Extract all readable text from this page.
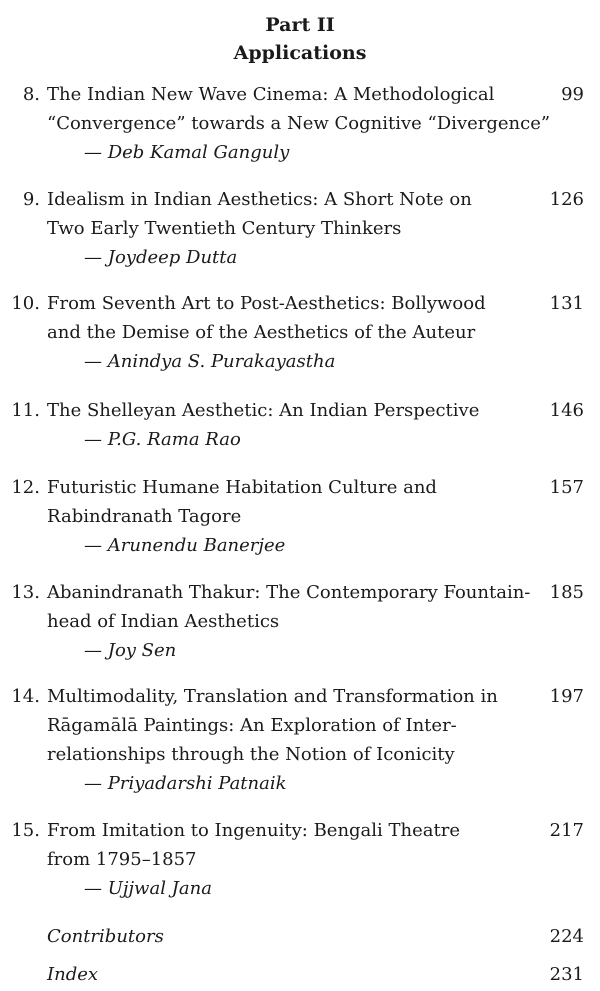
Part II
Applications
8. The Indian New Wave Cinema: A Methodological
“Convergence” towards a New Cognitive “Divergence”
— Deb Kamal Ganguly
99
9. Idealism in Indian Aesthetics: A Short Note on
Two Early Twentieth Century Thinkers
— Joydeep Dutta
126
10. From Seventh Art to Post-Aesthetics: Bollywood
and the Demise of the Aesthetics of the Auteur
— Anindya S. Purakayastha
131
11. The Shelleyan Aesthetic: An Indian Perspective
— P.G. Rama Rao
146
12. Futuristic Humane Habitation Culture and
Rabindranath Tagore
— Arunendu Banerjee
157
13. Abanindranath Thakur: The Contemporary Fountain-
head of Indian Aesthetics
— Joy Sen
185
14. Multimodality, Translation and Transformation in
Rāgamālā Paintings: An Exploration of Inter-
relationships through the Notion of Iconicity
— Priyadarshi Patnaik
197
15. From Imitation to Ingenuity: Bengali Theatre
from 1795–1857
— Ujjwal Jana
217
Contributors	224
Index	231
